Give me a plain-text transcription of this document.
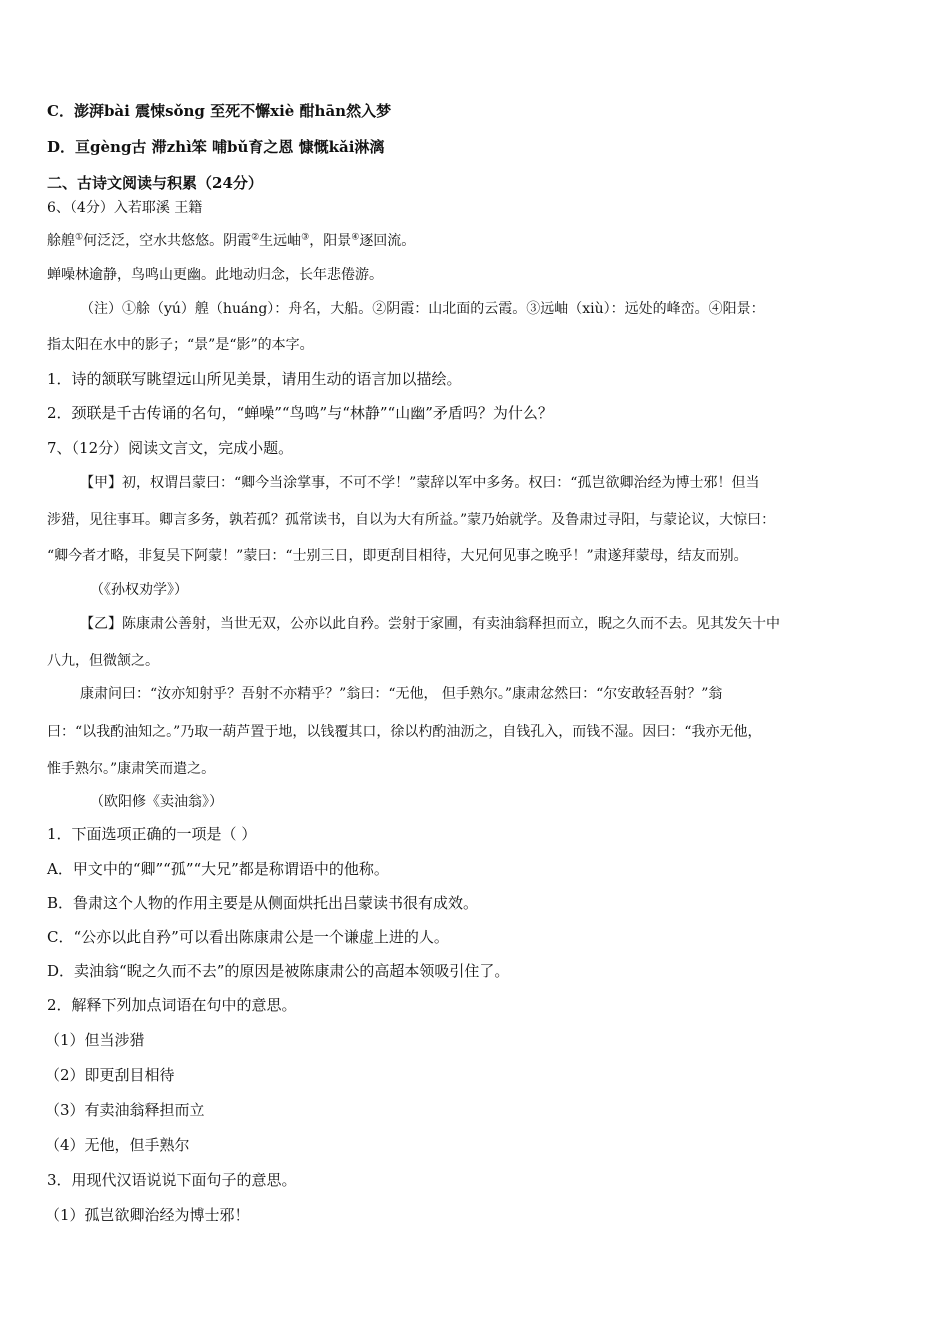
C．澎湃bài 震悚sǒng 至死不懈xiè 酣hān然入梦
D．亘gèng古 滞zhì笨 哺bǔ育之恩 慷慨kǎi淋漓
二、古诗文阅读与积累（24分）
6、（4分）入若耶溪 王籍
艅艎①何泛泛，空水共悠悠。阴霞②生远岫③，阳景④逐回流。
蝉噪林逾静，鸟鸣山更幽。此地动归念，长年悲倦游。
（注）①艅（yú）艎（huáng）：舟名，大船。②阴霞：山北面的云霞。③远岫（xiù）：远处的峰峦。④阳景：
指太阳在水中的影子；“景”是“影”的本字。
1．诗的颔联写眺望远山所见美景，请用生动的语言加以描绘。
2．颈联是千古传诵的名句，“蝉噪”“鸟鸣”与“林静”“山幽”矛盾吗？为什么？
7、（12分）阅读文言文，完成小题。
【甲】初，权谓吕蒙曰：“卿今当涂掌事，不可不学！”蒙辞以军中多务。权曰：“孤岂欲卿治经为博士邪！但当
涉猎，见往事耳。卿言多务，孰若孤？孤常读书，自以为大有所益。”蒙乃始就学。及鲁肃过寻阳，与蒙论议，大惊曰：
“卿今者才略，非复吴下阿蒙！”蒙曰：“士别三日，即更刮目相待，大兄何见事之晚乎！”肃遂拜蒙母，结友而别。
（《孙权劝学》）
【乙】陈康肃公善射，当世无双，公亦以此自矜。尝射于家圃，有卖油翁释担而立，睨之久而不去。见其发矢十中
八九，但微颔之。
康肃问曰：“汝亦知射乎？吾射不亦精乎？”翁曰：“无他， 但手熟尔。”康肃忿然曰：“尔安敢轻吾射？”翁
曰：“以我酌油知之。”乃取一葫芦置于地，以钱覆其口，徐以杓酌油沥之，自钱孔入，而钱不湿。因曰：“我亦无他，
惟手熟尔。”康肃笑而遣之。
（欧阳修《卖油翁》）
1．下面选项正确的一项是（ ）
A．甲文中的“卿”“孤”“大兄”都是称谓语中的他称。
B．鲁肃这个人物的作用主要是从侧面烘托出吕蒙读书很有成效。
C．“公亦以此自矜”可以看出陈康肃公是一个谦虚上进的人。
D．卖油翁“睨之久而不去”的原因是被陈康肃公的高超本领吸引住了。
2．解释下列加点词语在句中的意思。
（1）但当涉猎
（2）即更刮目相待
（3）有卖油翁释担而立
（4）无他，但手熟尔
3．用现代汉语说说下面句子的意思。
（1）孤岂欲卿治经为博士邪！
